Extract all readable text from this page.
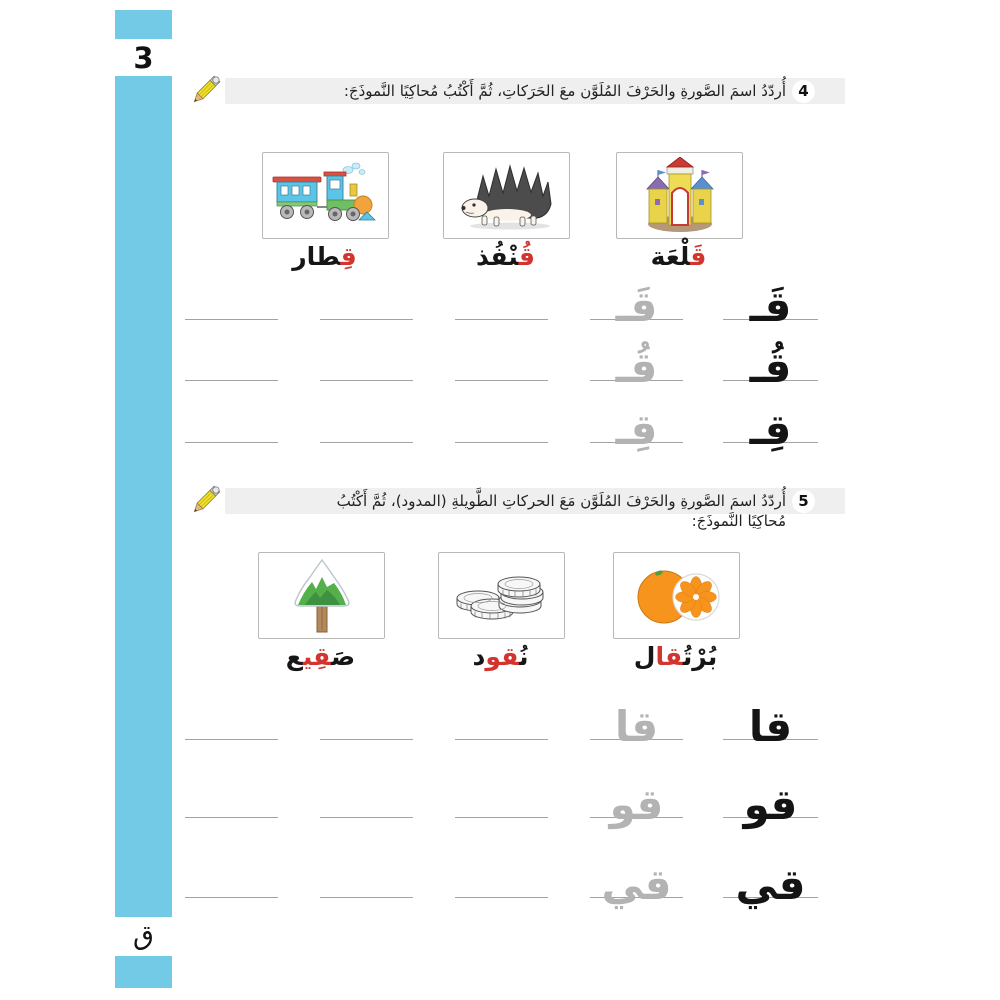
3
ق
أُردّدُ اسمَ الصَّورةِ والحَرْفَ المُلَوَّن معَ الحَرَكاتِ، ثُمَّ أَكْتُبُ مُحاكِيًا النَّموذَجَ: 4
قَ‍‍لْعَة
قُ‍‍نْفُذ
قِ‍‍طار
قَـ
قَـ
قُـ
قُـ
قِـ
قِـ
أُردّدُ اسمَ الصَّورةِ والحَرْفَ المُلَوَّن مَعَ الحركاتِ الطَّويلةِ (المدود)، ثُمَّ أَكْتُبُ مُحاكِيًا النَّموذَجَ:
5
بُرْتُ‍‍قال
نُ‍‍قود
صَ‍‍قِي‍‍ع
قا
قا
قو
قو
قي
قي
